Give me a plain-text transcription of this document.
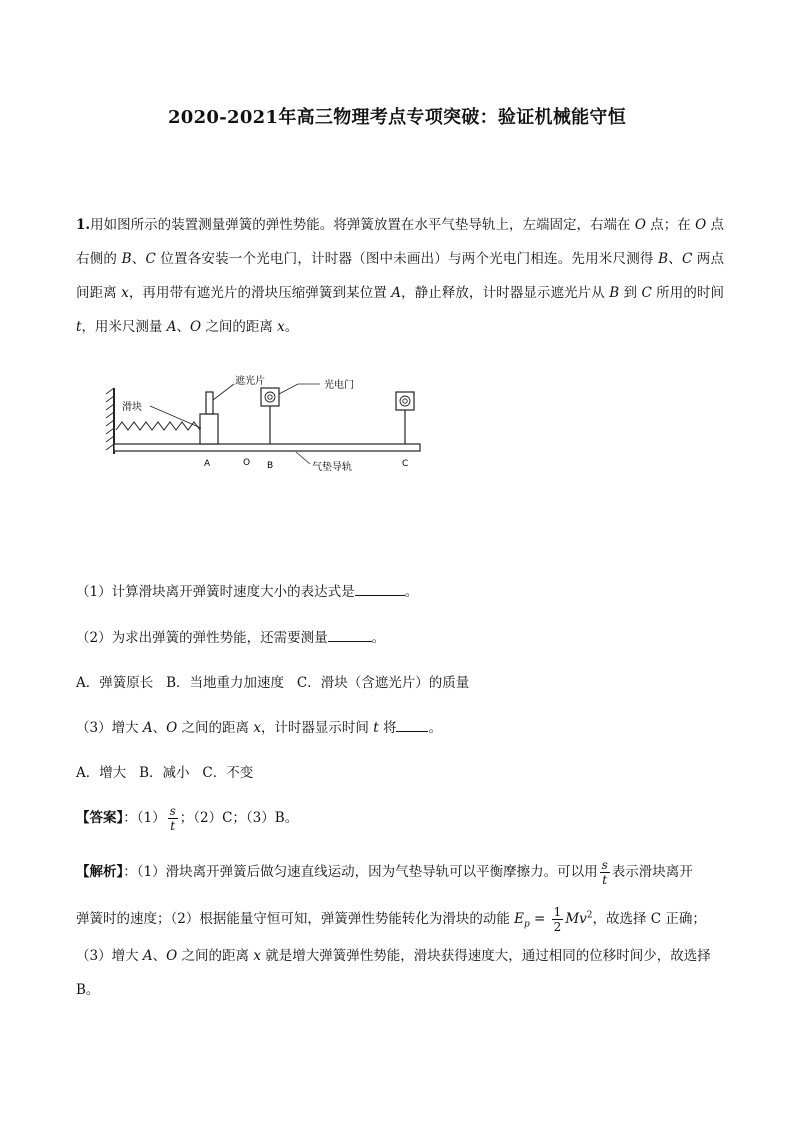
2020-2021年高三物理考点专项突破：验证机械能守恒
1.用如图所示的装置测量弹簧的弹性势能。将弹簧放置在水平气垫导轨上，左端固定，右端在 O 点；在 O 点右侧的 B、C 位置各安装一个光电门，计时器（图中未画出）与两个光电门相连。先用米尺测得 B、C 两点间距离 x，再用带有遮光片的滑块压缩弹簧到某位置 A，静止释放，计时器显示遮光片从 B 到 C 所用的时间 t，用米尺测量 A、O 之间的距离 x。
滑块
遮光片	光电门
A	O B	C
气垫导轨
（1）计算滑块离开弹簧时速度大小的表达式是	。
（2）为求出弹簧的弹性势能，还需要测量	。
A．弹簧原长   B．当地重力加速度   C．滑块（含遮光片）的质量
（3）增大 A、O 之间的距离 x，计时器显示时间 t 将 。
A．增大   B．减小   C．不变
【答案】：$(1) \frac{s}{t}$ ；（2）C；（3）B。
【解析】：（1）滑块离开弹簧后做匀速直线运动，因为气垫导轨可以平衡摩擦力。可以用 $\frac{s}{t}$ 表示滑块离开
弹簧时的速度；（2）根据能量守恒可知，弹簧弹性势能转化为滑块的动能 $E_p = \frac{1}{2} Mv^2$，故选择 C 正确；
（3）增大 A、O 之间的距离 x 就是增大弹簧弹性势能，滑块获得速度大，通过相同的位移时间少，故选择
B。
